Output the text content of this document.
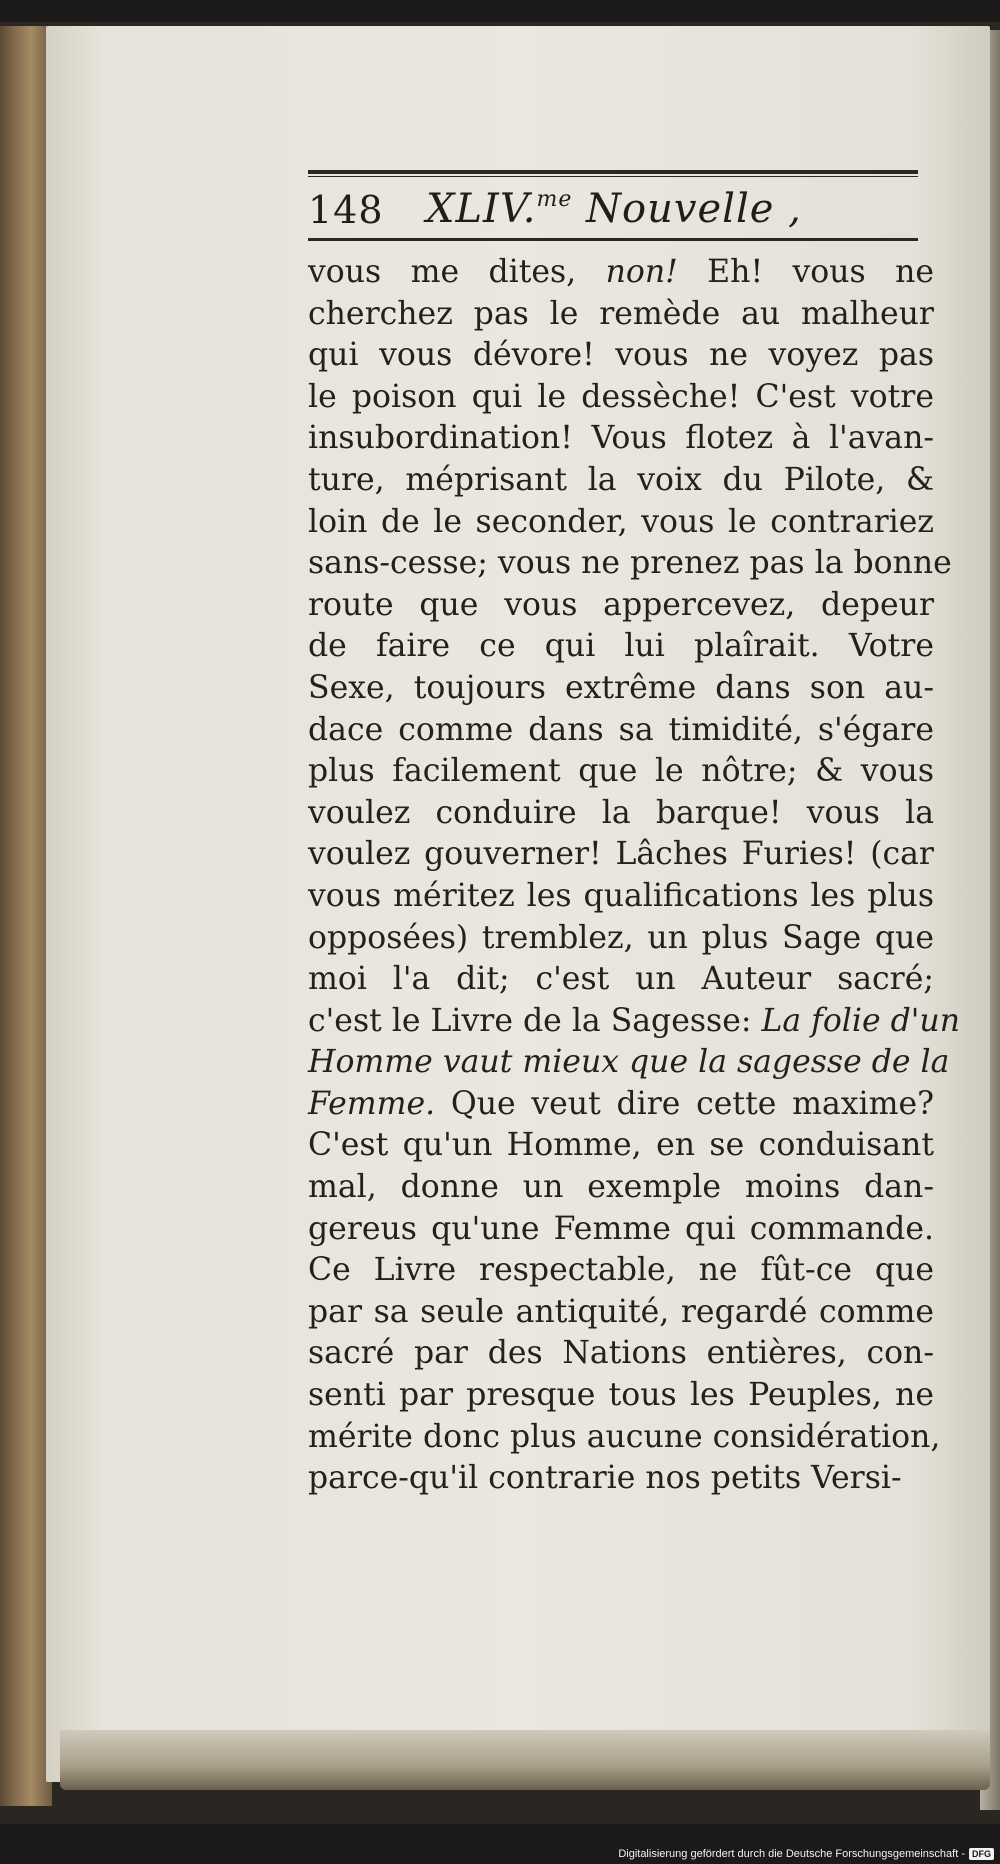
148 XLIV.$^{me}$ Nouvelle ,
vous me dites, non! Eh! vous ne
cherchez pas le remède au malheur
qui vous dévore! vous ne voyez pas
le poison qui le dessèche! C'est votre
insubordination! Vous flotez à l'avan-
ture, méprisant la voix du Pilote, &
loin de le seconder, vous le contrariez
sans-cesse; vous ne prenez pas la bonne
route que vous appercevez, depeur
de faire ce qui lui plaîrait. Votre
Sexe, toujours extrême dans son au-
dace comme dans sa timidité, s'égare
plus facilement que le nôtre; & vous
voulez conduire la barque! vous la
voulez gouverner! Lâches Furies! (car
vous méritez les qualifications les plus
opposées) tremblez, un plus Sage que
moi l'a dit; c'est un Auteur sacré;
c'est le Livre de la Sagesse: La folie d'un
Homme vaut mieux que la sagesse de la
Femme. Que veut dire cette maxime?
C'est qu'un Homme, en se conduisant
mal, donne un exemple moins dan-
gereus qu'une Femme qui commande.
Ce Livre respectable, ne fût-ce que
par sa seule antiquité, regardé comme
sacré par des Nations entières, con-
senti par presque tous les Peuples, ne
mérite donc plus aucune considération,
parce-qu'il contrarie nos petits Versi-
Digitalisierung gefördert durch die Deutsche Forschungsgemeinschaft - DFG
